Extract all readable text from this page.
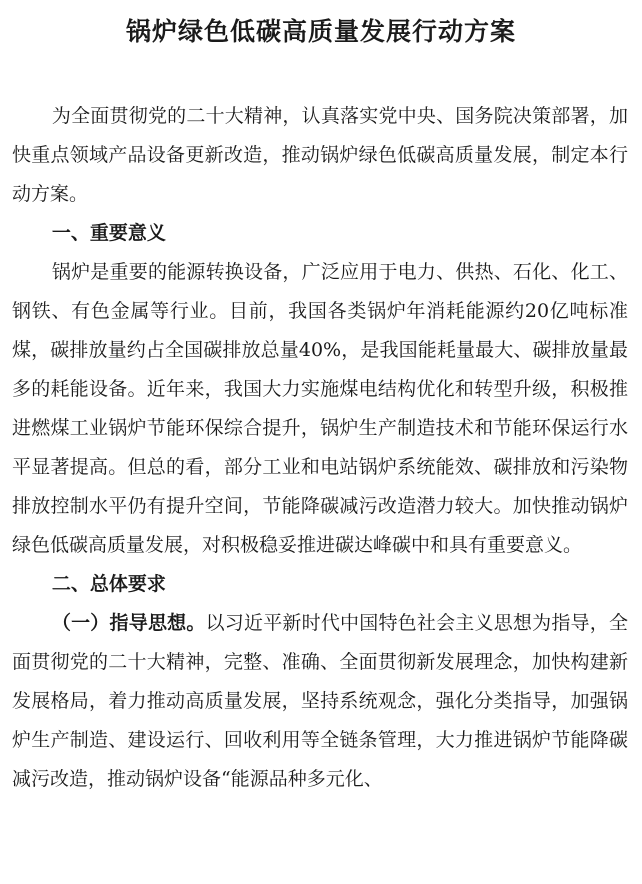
锅炉绿色低碳高质量发展行动方案

为全面贯彻党的二十大精神，认真落实党中央、国务院决策部署，加快重点领域产品设备更新改造，推动锅炉绿色低碳高质量发展，制定本行动方案。

一、重要意义

锅炉是重要的能源转换设备，广泛应用于电力、供热、石化、化工、钢铁、有色金属等行业。目前，我国各类锅炉年消耗能源约20亿吨标准煤，碳排放量约占全国碳排放总量40%，是我国能耗量最大、碳排放量最多的耗能设备。近年来，我国大力实施煤电结构优化和转型升级，积极推进燃煤工业锅炉节能环保综合提升，锅炉生产制造技术和节能环保运行水平显著提高。但总的看，部分工业和电站锅炉系统能效、碳排放和污染物排放控制水平仍有提升空间，节能降碳减污改造潜力较大。加快推动锅炉绿色低碳高质量发展，对积极稳妥推进碳达峰碳中和具有重要意义。

二、总体要求

（一）指导思想。以习近平新时代中国特色社会主义思想为指导，全面贯彻党的二十大精神，完整、准确、全面贯彻新发展理念，加快构建新发展格局，着力推动高质量发展，坚持系统观念，强化分类指导，加强锅炉生产制造、建设运行、回收利用等全链条管理，大力推进锅炉节能降碳减污改造，推动锅炉设备“能源品种多元化、
